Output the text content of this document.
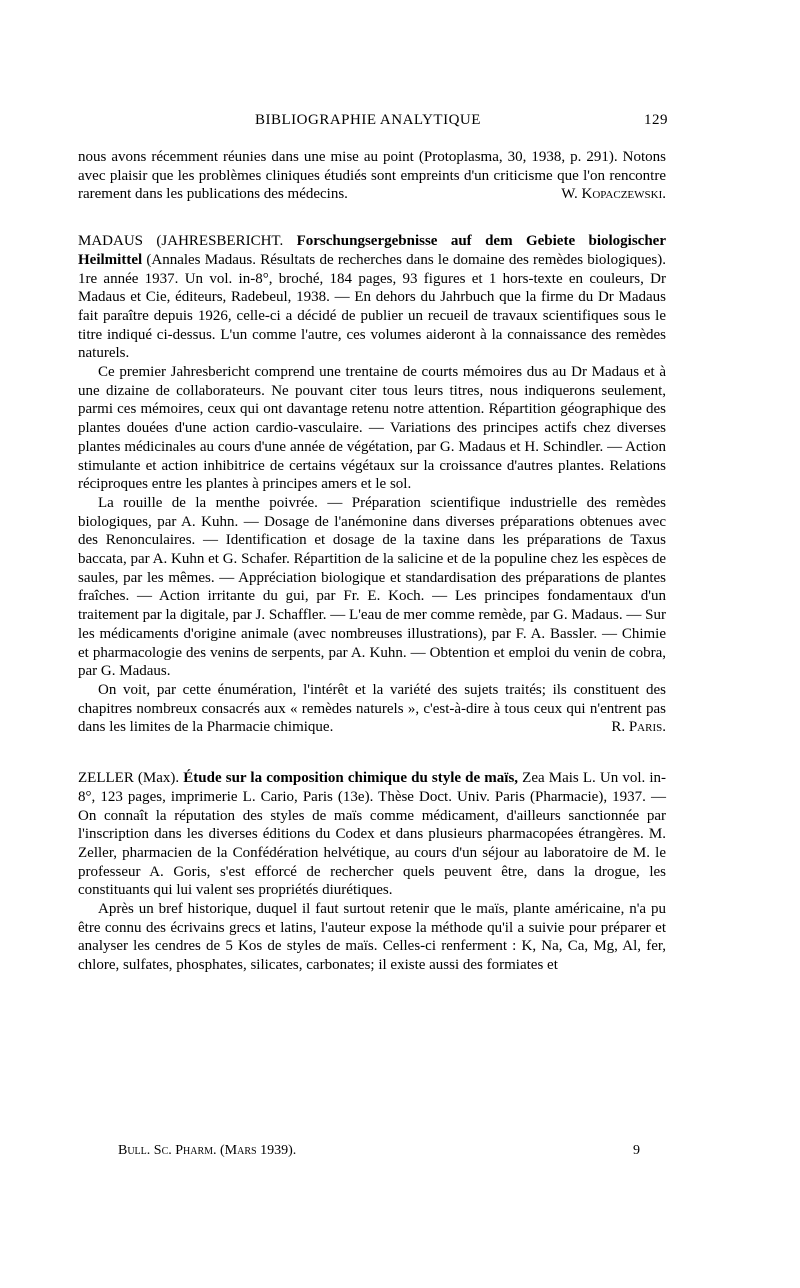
BIBLIOGRAPHIE ANALYTIQUE	129

nous avons récemment réunies dans une mise au point (Protoplasma, 30, 1938, p. 291). Notons avec plaisir que les problèmes cliniques étudiés sont empreints d'un criticisme que l'on rencontre rarement dans les publications des médecins.	W. Kopaczewski.

MADAUS (JAHRESBERICHT. Forschungsergebnisse auf dem Gebiete biologischer Heilmittel (Annales Madaus. Résultats de recherches dans le domaine des remèdes biologiques). 1re année 1937. Un vol. in-8°, broché, 184 pages, 93 figures et 1 hors-texte en couleurs, Dr Madaus et Cie, éditeurs, Radebeul, 1938. — En dehors du Jahrbuch que la firme du Dr Madaus fait paraître depuis 1926, celle-ci a décidé de publier un recueil de travaux scientifiques sous le titre indiqué ci-dessus. L'un comme l'autre, ces volumes aideront à la connaissance des remèdes naturels.

Ce premier Jahresbericht comprend une trentaine de courts mémoires dus au Dr Madaus et à une dizaine de collaborateurs. Ne pouvant citer tous leurs titres, nous indiquerons seulement, parmi ces mémoires, ceux qui ont davantage retenu notre attention. Répartition géographique des plantes douées d'une action cardio-vasculaire. — Variations des principes actifs chez diverses plantes médicinales au cours d'une année de végétation, par G. Madaus et H. Schindler. — Action stimulante et action inhibitrice de certains végétaux sur la croissance d'autres plantes. Relations réciproques entre les plantes à principes amers et le sol.

La rouille de la menthe poivrée. — Préparation scientifique industrielle des remèdes biologiques, par A. Kuhn. — Dosage de l'anémonine dans diverses préparations obtenues avec des Renonculaires. — Identification et dosage de la taxine dans les préparations de Taxus baccata, par A. Kuhn et G. Schafer. Répartition de la salicine et de la populine chez les espèces de saules, par les mêmes. — Appréciation biologique et standardisation des préparations de plantes fraîches. — Action irritante du gui, par Fr. E. Koch. — Les principes fondamentaux d'un traitement par la digitale, par J. Schaffler. — L'eau de mer comme remède, par G. Madaus. — Sur les médicaments d'origine animale (avec nombreuses illustrations), par F. A. Bassler. — Chimie et pharmacologie des venins de serpents, par A. Kuhn. — Obtention et emploi du venin de cobra, par G. Madaus.

On voit, par cette énumération, l'intérêt et la variété des sujets traités; ils constituent des chapitres nombreux consacrés aux « remèdes naturels », c'est-à-dire à tous ceux qui n'entrent pas dans les limites de la Pharmacie chimique.	R. Paris.

ZELLER (Max). Étude sur la composition chimique du style de maïs, Zea Mais L. Un vol. in-8°, 123 pages, imprimerie L. Cario, Paris (13e). Thèse Doct. Univ. Paris (Pharmacie), 1937. — On connaît la réputation des styles de maïs comme médicament, d'ailleurs sanctionnée par l'inscription dans les diverses éditions du Codex et dans plusieurs pharmacopées étrangères. M. Zeller, pharmacien de la Confédération helvétique, au cours d'un séjour au laboratoire de M. le professeur A. Goris, s'est efforcé de rechercher quels peuvent être, dans la drogue, les constituants qui lui valent ses propriétés diurétiques.

Après un bref historique, duquel il faut surtout retenir que le maïs, plante américaine, n'a pu être connu des écrivains grecs et latins, l'auteur expose la méthode qu'il a suivie pour préparer et analyser les cendres de 5 Kos de styles de maïs. Celles-ci renferment : K, Na, Ca, Mg, Al, fer, chlore, sulfates, phosphates, silicates, carbonates; il existe aussi des formiates et

Bull. Sc. Pharm. (Mars 1939).	9
